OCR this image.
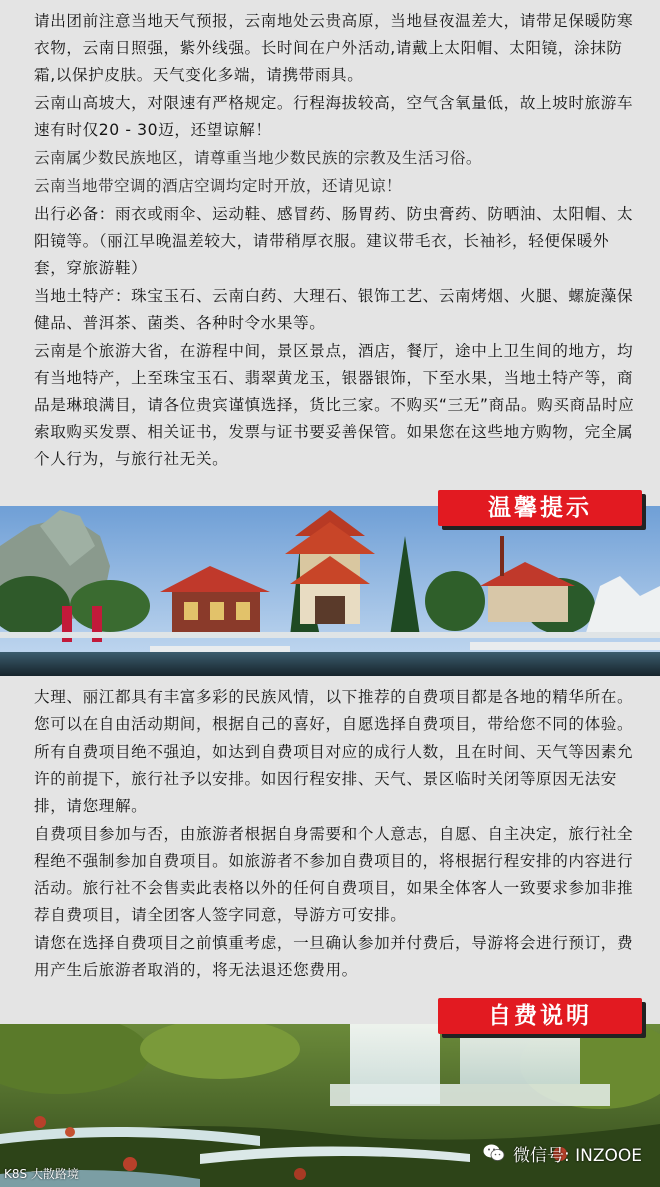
请出团前注意当地天气预报，云南地处云贵高原，当地昼夜温差大，请带足保暖防寒衣物，云南日照强，紫外线强。长时间在户外活动,请戴上太阳帽、太阳镜，涂抹防霜,以保护皮肤。天气变化多端，请携带雨具。

云南山高坡大，对限速有严格规定。行程海拔较高，空气含氧量低，故上坡时旅游车速有时仅20 - 30迈，还望谅解！

云南属少数民族地区，请尊重当地少数民族的宗教及生活习俗。

云南当地带空调的酒店空调均定时开放，还请见谅！

出行必备：雨衣或雨伞、运动鞋、感冒药、肠胃药、防虫膏药、防晒油、太阳帽、太阳镜等。（丽江早晚温差较大，请带稍厚衣服。建议带毛衣，长袖衫，轻便保暖外套，穿旅游鞋）

当地土特产：珠宝玉石、云南白药、大理石、银饰工艺、云南烤烟、火腿、螺旋藻保健品、普洱茶、菌类、各种时令水果等。

云南是个旅游大省，在游程中间，景区景点，酒店，餐厅，途中上卫生间的地方，均有当地特产，上至珠宝玉石、翡翠黄龙玉，银器银饰，下至水果，当地土特产等，商品是琳琅满目，请各位贵宾谨慎选择，货比三家。不购买“三无”商品。购买商品时应索取购买发票、相关证书，发票与证书要妥善保管。如果您在这些地方购物，完全属个人行为，与旅行社无关。

温馨提示

大理、丽江都具有丰富多彩的民族风情，以下推荐的自费项目都是各地的精华所在。您可以在自由活动期间，根据自己的喜好，自愿选择自费项目，带给您不同的体验。

所有自费项目绝不强迫，如达到自费项目对应的成行人数，且在时间、天气等因素允许的前提下，旅行社予以安排。如因行程安排、天气、景区临时关闭等原因无法安排，请您理解。

自费项目参加与否，由旅游者根据自身需要和个人意志，自愿、自主决定，旅行社全程绝不强制参加自费项目。如旅游者不参加自费项目的，将根据行程安排的内容进行活动。旅行社不会售卖此表格以外的任何自费项目，如果全体客人一致要求参加非推荐自费项目，请全团客人签字同意，导游方可安排。

请您在选择自费项目之前慎重考虑，一旦确认参加并付费后，导游将会进行预订，费用产生后旅游者取消的，将无法退还您费用。

自费说明
微信号: INZOOE
K8S 大散路境
